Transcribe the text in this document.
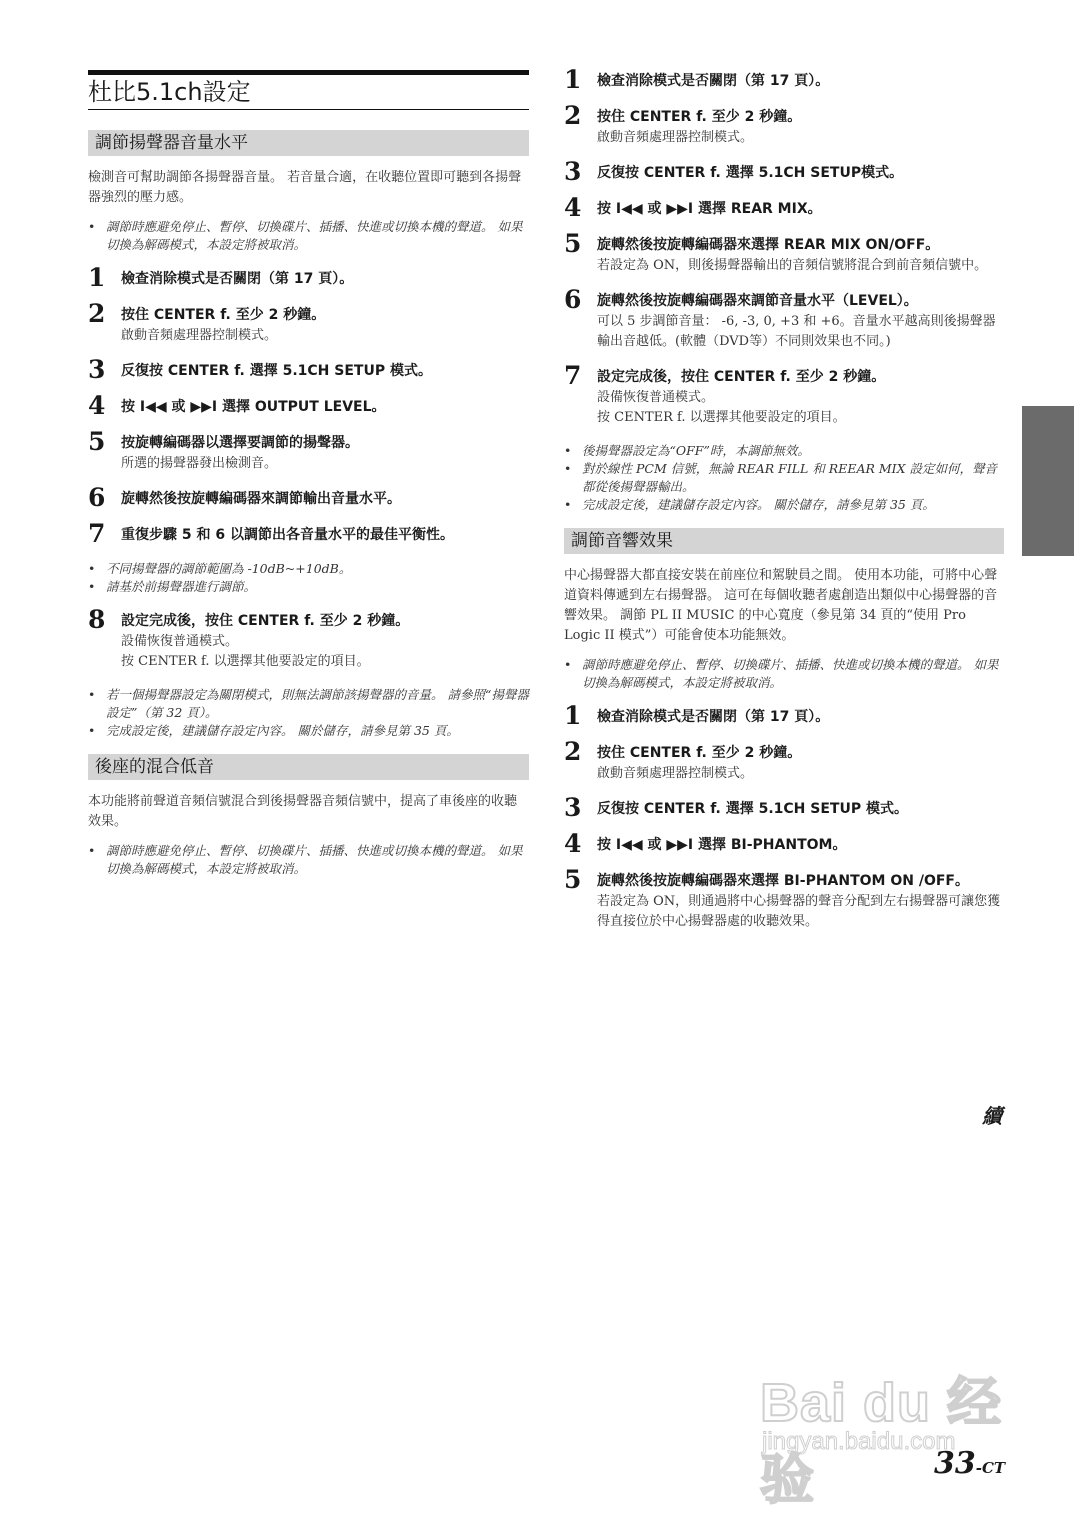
杜比5.1ch設定
調節揚聲器音量水平

檢測音可幫助調節各揚聲器音量。 若音量合適，在收聽位置即可聽到各揚聲器強烈的壓力感。

• 調節時應避免停止、暫停、切換碟片、插播、快進或切換本機的聲道。 如果切換為解碼模式，本設定將被取消。

1 檢查消除模式是否關閉（第 17 頁）。
2 按住 CENTER f. 至少 2 秒鐘。
啟動音頻處理器控制模式。
3 反復按 CENTER f. 選擇 5.1CH SETUP 模式。
4 按 I◀◀ 或 ▶▶I 選擇 OUTPUT LEVEL。
5 按旋轉編碼器以選擇要調節的揚聲器。
所選的揚聲器發出檢測音。
6 旋轉然後按旋轉編碼器來調節輸出音量水平。
7 重復步驟 5 和 6 以調節出各音量水平的最佳平衡性。

• 不同揚聲器的調節範圍為 -10dB~+10dB。

• 請基於前揚聲器進行調節。

8 設定完成後，按住 CENTER f. 至少 2 秒鐘。
設備恢復普通模式。
按 CENTER f. 以選擇其他要設定的項目。

• 若一個揚聲器設定為關閉模式，則無法調節該揚聲器的音量。 請參照“揚聲器設定”（第 32 頁）。

• 完成設定後，建議儲存設定內容。 關於儲存，請參見第 35 頁。

後座的混合低音

本功能將前聲道音頻信號混合到後揚聲器音頻信號中，提高了車後座的收聽效果。

• 調節時應避免停止、暫停、切換碟片、插播、快進或切換本機的聲道。 如果切換為解碼模式，本設定將被取消。

1 檢查消除模式是否關閉（第 17 頁）。
2 按住 CENTER f. 至少 2 秒鐘。
啟動音頻處理器控制模式。
3 反復按 CENTER f. 選擇 5.1CH SETUP模式。
4 按 I◀◀ 或 ▶▶I 選擇 REAR MIX。
5 旋轉然後按旋轉編碼器來選擇 REAR MIX ON/OFF。
若設定為 ON，則後揚聲器輸出的音頻信號將混合到前音頻信號中。
6 旋轉然後按旋轉編碼器來調節音量水平（LEVEL）。
可以 5 步調節音量： -6, -3, 0, +3 和 +6。音量水平越高則後揚聲器輸出音越低。(軟體（DVD等）不同則效果也不同。)
7 設定完成後，按住 CENTER f. 至少 2 秒鐘。
設備恢復普通模式。
按 CENTER f. 以選擇其他要設定的項目。

• 後揚聲器設定為“OFF”時，本調節無效。

• 對於線性 PCM 信號，無論 REAR FILL 和 REEAR MIX 設定如何，聲音都從後揚聲器輸出。

• 完成設定後，建議儲存設定內容。 關於儲存，請參見第 35 頁。

調節音響效果

中心揚聲器大都直接安裝在前座位和駕駛員之間。 使用本功能，可將中心聲道資料傳遞到左右揚聲器。 這可在每個收聽者處創造出類似中心揚聲器的音響效果。 調節 PL II MUSIC 的中心寬度（參見第 34 頁的“使用 Pro Logic II 模式”）可能會使本功能無效。

• 調節時應避免停止、暫停、切換碟片、插播、快進或切換本機的聲道。 如果切換為解碼模式，本設定將被取消。

1 檢查消除模式是否關閉（第 17 頁）。
2 按住 CENTER f. 至少 2 秒鐘。
啟動音頻處理器控制模式。
3 反復按 CENTER f. 選擇 5.1CH SETUP 模式。
4 按 I◀◀ 或 ▶▶I 選擇 BI-PHANTOM。
5 旋轉然後按旋轉編碼器來選擇 BI-PHANTOM ON /OFF。
若設定為 ON，則通過將中心揚聲器的聲音分配到左右揚聲器可讓您獲得直接位於中心揚聲器處的收聽效果。
續
Bai du 经验
jingyan.baidu.com
33-CT
